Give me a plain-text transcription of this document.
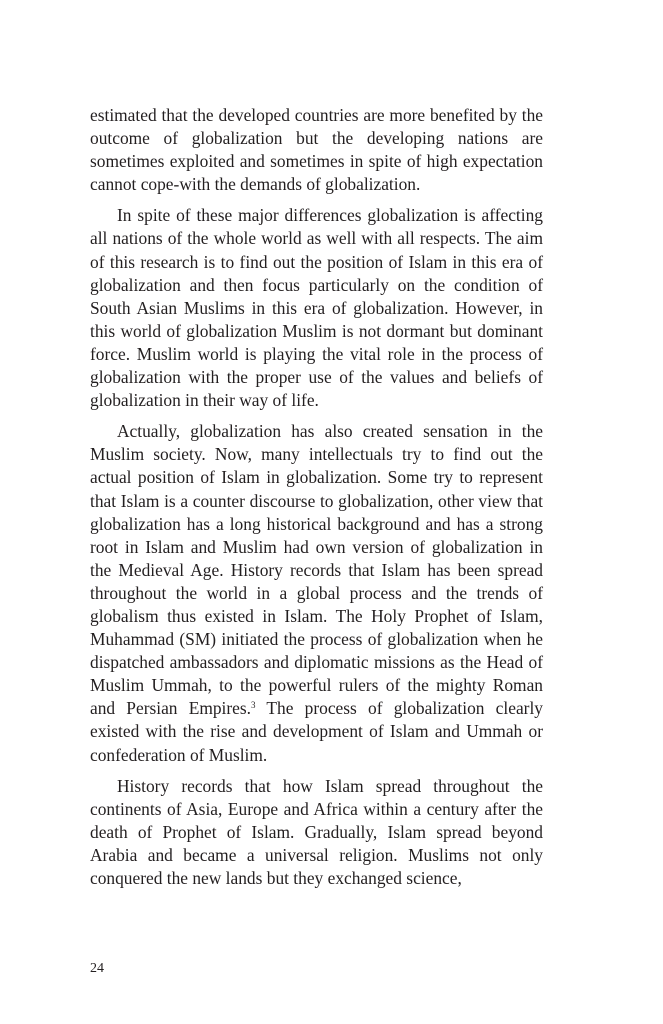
estimated that the developed countries are more benefited by the outcome of globalization but the developing nations are sometimes exploited and sometimes in spite of high expectation cannot cope-with the demands of globalization.

In spite of these major differences globalization is affecting all nations of the whole world as well with all respects. The aim of this research is to find out the position of Islam in this era of globalization and then focus particularly on the condition of South Asian Muslims in this era of globalization. However, in this world of globalization Muslim is not dormant but dominant force. Muslim world is playing the vital role in the process of globalization with the proper use of the values and beliefs of globalization in their way of life.

Actually, globalization has also created sensation in the Muslim society. Now, many intellectuals try to find out the actual position of Islam in globalization. Some try to represent that Islam is a counter discourse to globalization, other view that globalization has a long historical background and has a strong root in Islam and Muslim had own version of globalization in the Medieval Age. History records that Islam has been spread throughout the world in a global process and the trends of globalism thus existed in Islam. The Holy Prophet of Islam, Muhammad (SM) initiated the process of globalization when he dispatched ambassadors and diplomatic missions as the Head of Muslim Ummah, to the powerful rulers of the mighty Roman and Persian Empires.$^3$ The process of globalization clearly existed with the rise and development of Islam and Ummah or confederation of Muslim.

History records that how Islam spread throughout the continents of Asia, Europe and Africa within a century after the death of Prophet of Islam. Gradually, Islam spread beyond Arabia and became a universal religion. Muslims not only conquered the new lands but they exchanged science,

24
